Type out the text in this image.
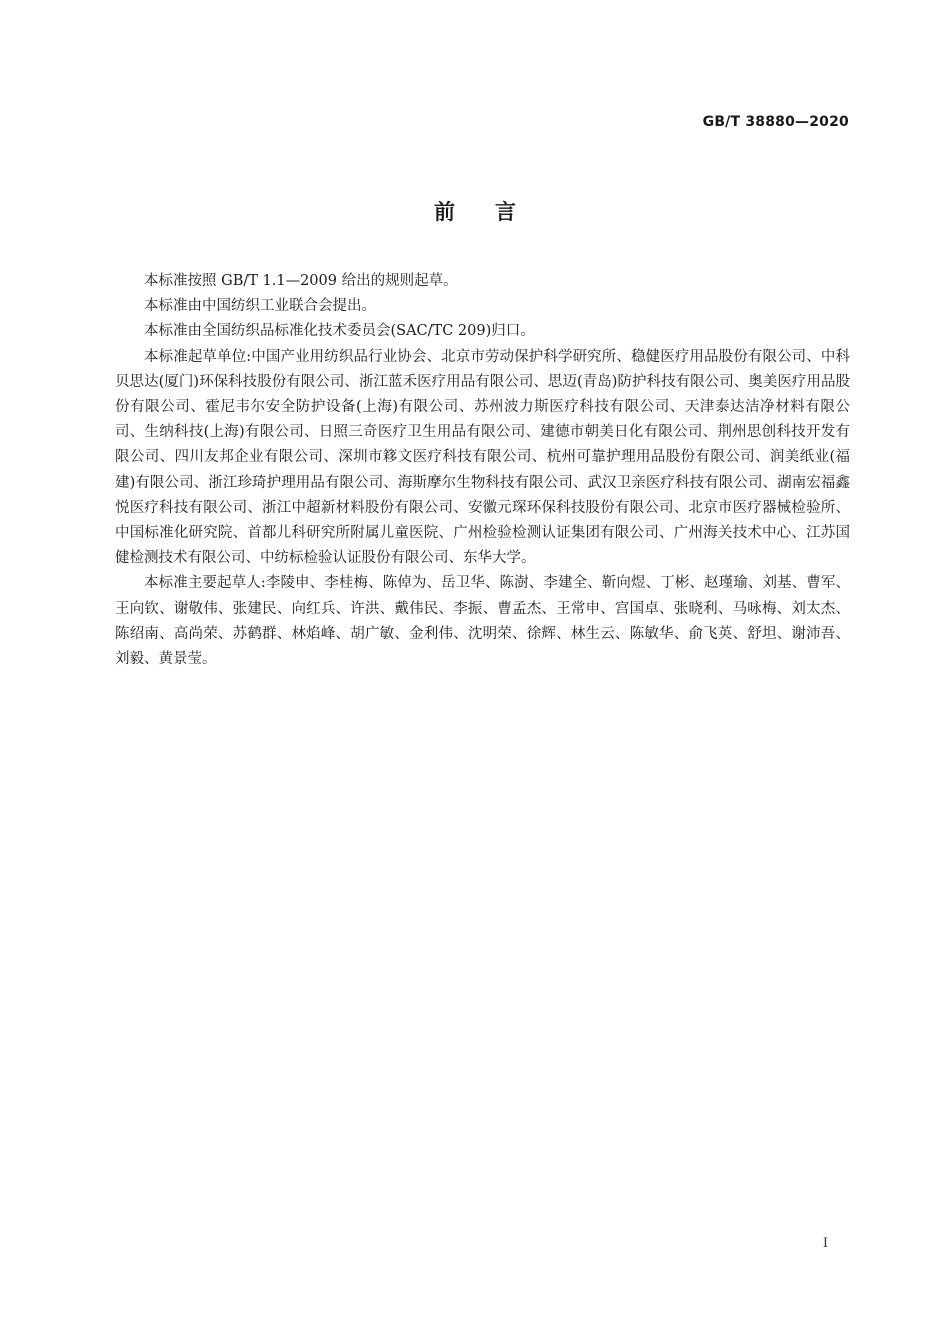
GB/T 38880—2020
前言

本标准按照 GB/T 1.1—2009 给出的规则起草。

本标准由中国纺织工业联合会提出。

本标准由全国纺织品标准化技术委员会(SAC/TC 209)归口。

本标准起草单位:中国产业用纺织品行业协会、北京市劳动保护科学研究所、稳健医疗用品股份有限公司、中科贝思达(厦门)环保科技股份有限公司、浙江蓝禾医疗用品有限公司、思迈(青岛)防护科技有限公司、奥美医疗用品股份有限公司、霍尼韦尔安全防护设备(上海)有限公司、苏州波力斯医疗科技有限公司、天津泰达洁净材料有限公司、生纳科技(上海)有限公司、日照三奇医疗卫生用品有限公司、建德市朝美日化有限公司、荆州思创科技开发有限公司、四川友邦企业有限公司、深圳市簃文医疗科技有限公司、杭州可靠护理用品股份有限公司、润美纸业(福建)有限公司、浙江珍琦护理用品有限公司、海斯摩尔生物科技有限公司、武汉卫亲医疗科技有限公司、湖南宏福鑫悦医疗科技有限公司、浙江中超新材料股份有限公司、安徽元琛环保科技股份有限公司、北京市医疗器械检验所、中国标准化研究院、首都儿科研究所附属儿童医院、广州检验检测认证集团有限公司、广州海关技术中心、江苏国健检测技术有限公司、中纺标检验认证股份有限公司、东华大学。

本标准主要起草人:李陵申、李桂梅、陈倬为、岳卫华、陈澍、李建全、靳向煜、丁彬、赵瑾瑜、刘基、曹军、王向钦、谢敬伟、张建民、向红兵、许洪、戴伟民、李振、曹孟杰、王常申、宫国卓、张晓利、马咏梅、刘太杰、陈绍南、高尚荣、苏鹤群、林焰峰、胡广敏、金利伟、沈明荣、徐辉、林生云、陈敏华、俞飞英、舒坦、谢沛吾、刘毅、黄景莹。

I
